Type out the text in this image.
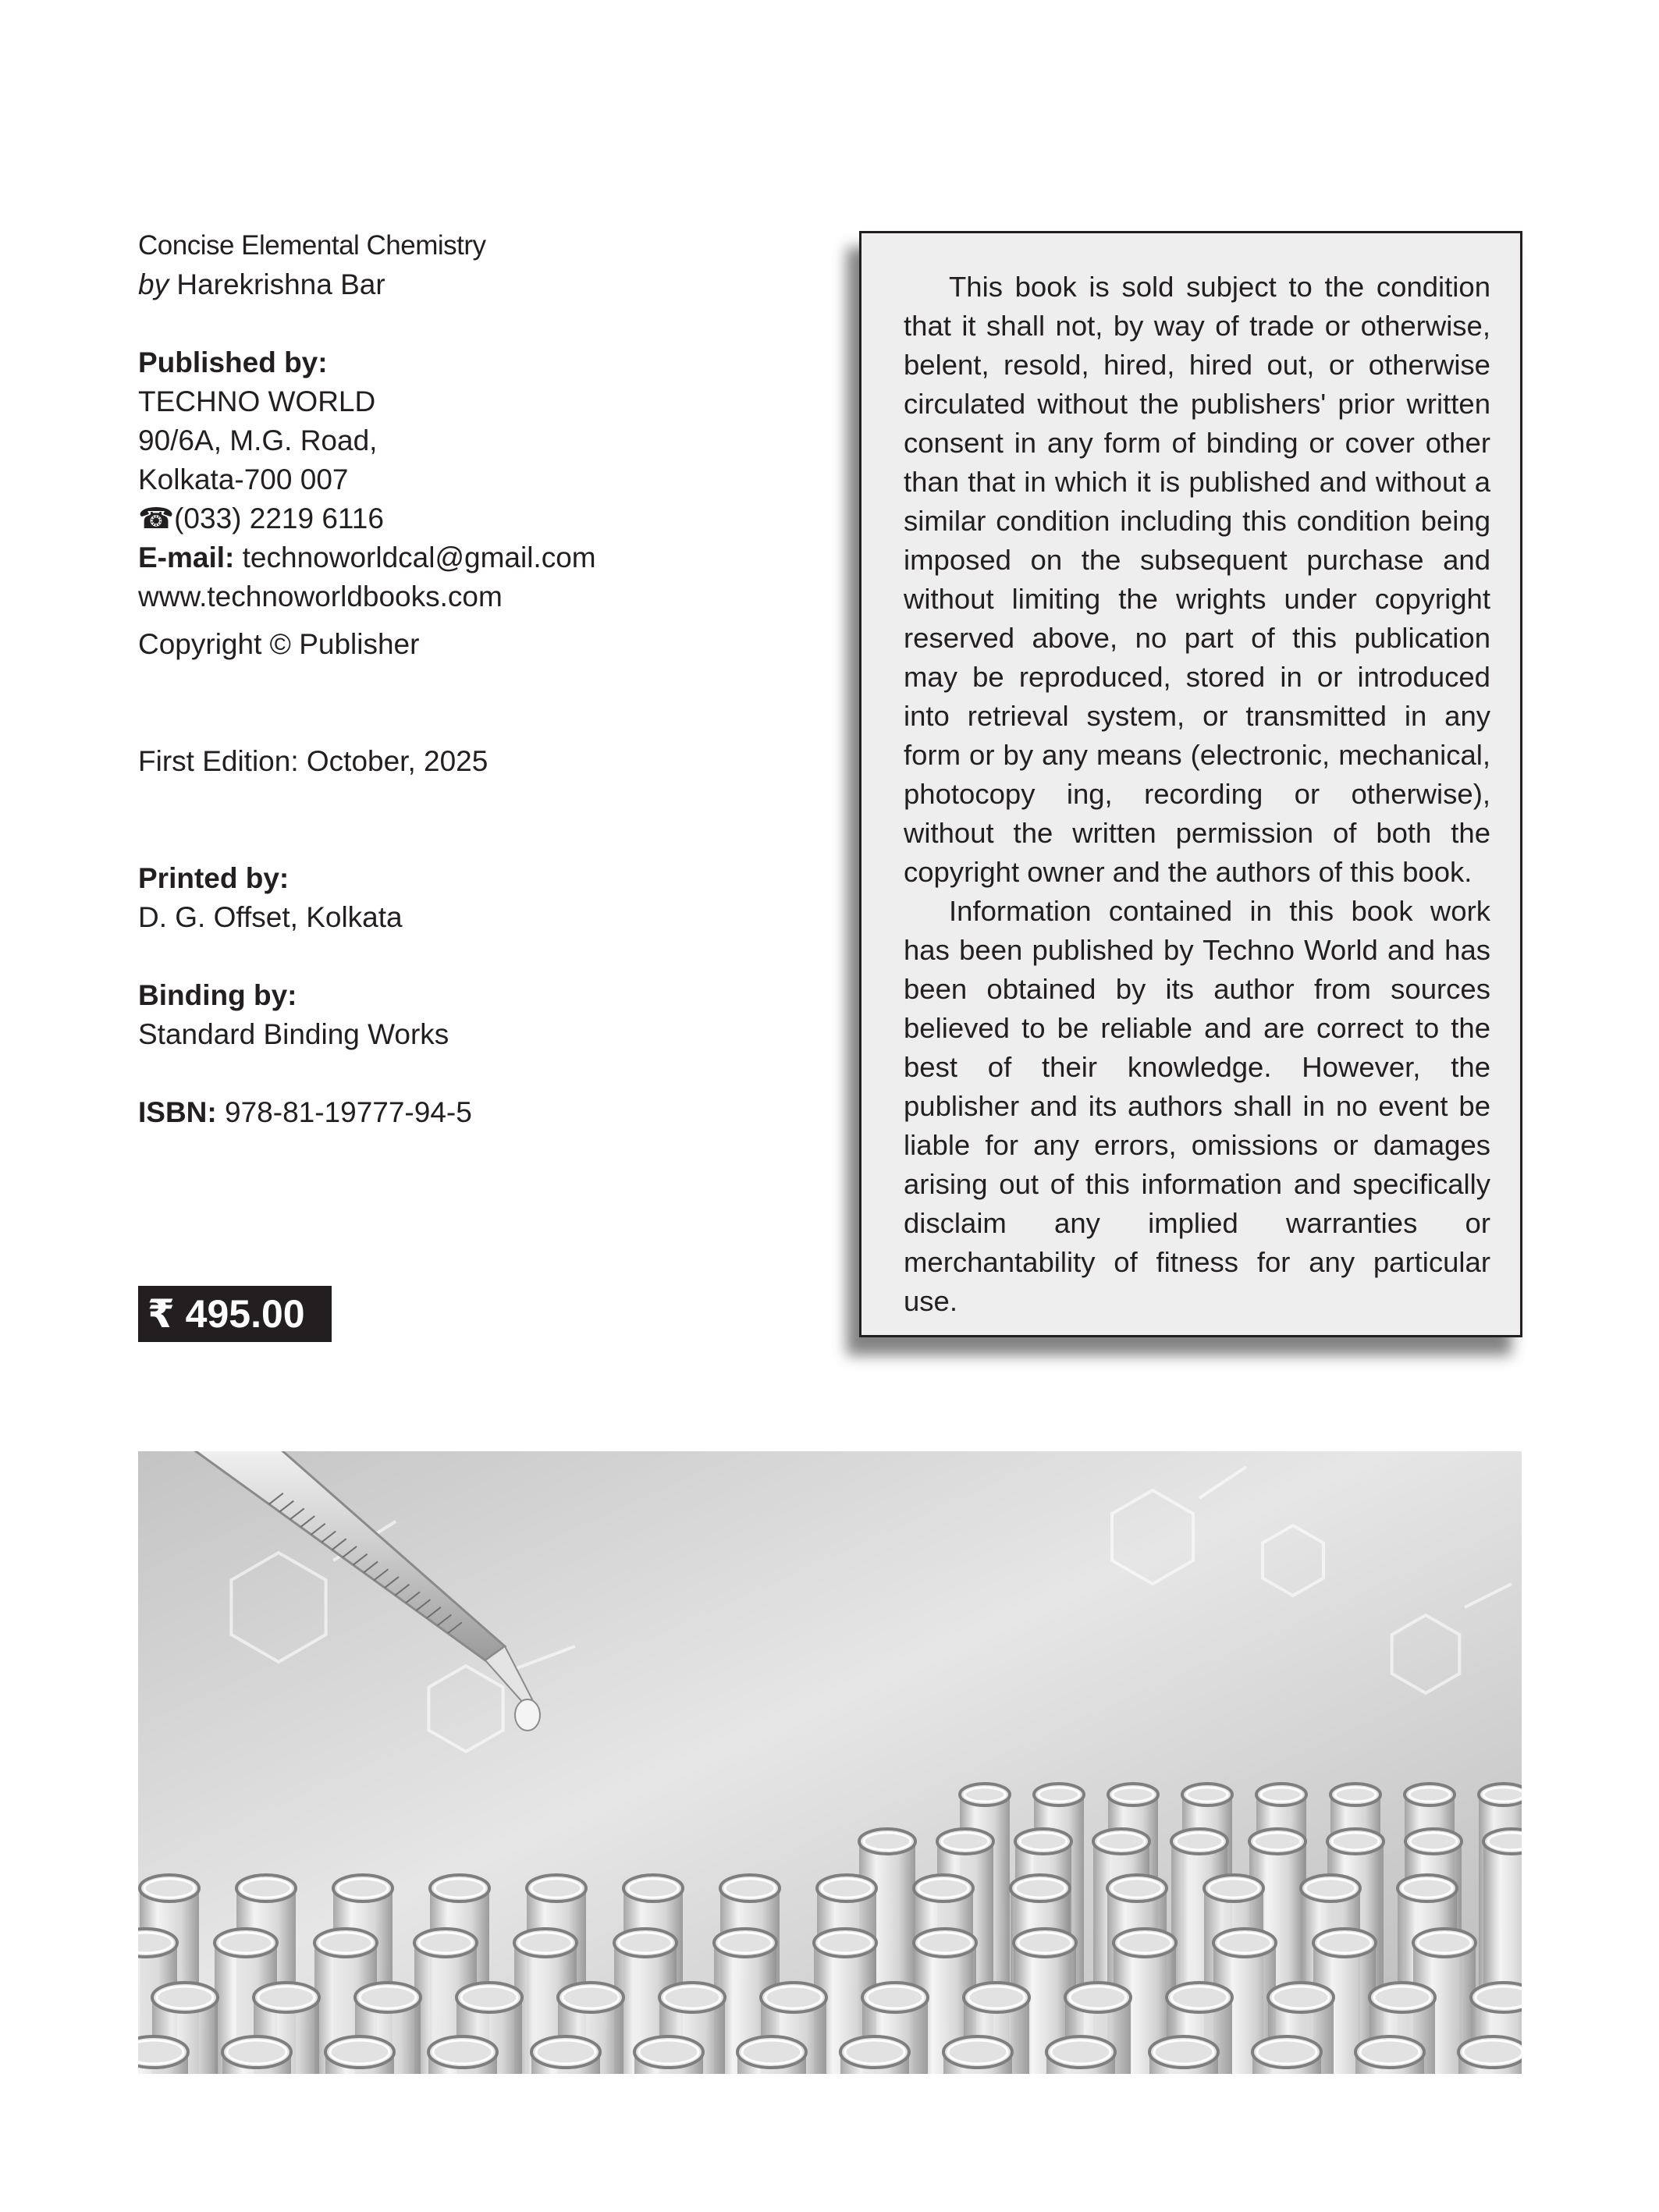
Concise Elemental Chemistry
by Harekrishna Bar
Published by:
TECHNO WORLD
90/6A, M.G. Road,
Kolkata-700 007
☎(033) 2219 6116
E-mail: technoworldcal@gmail.com
www.technoworldbooks.com
Copyright © Publisher
First Edition: October, 2025
Printed by:
D. G. Offset, Kolkata
Binding by:
Standard Binding Works
ISBN: 978-81-19777-94-5
₹ 495.00

This book is sold subject to the condition that it shall not, by way of trade or otherwise, belent, resold, hired, hired out, or otherwise circulated without the publishers' prior written consent in any form of binding or cover other than that in which it is published and without a similar condition including this condition being imposed on the subsequent purchase and without limiting the wrights under copyright reserved above, no part of this publication may be reproduced, stored in or introduced into retrieval system, or transmitted in any form or by any means (electronic, mechanical, photocopy ing, recording or otherwise), without the written permission of both the copyright owner and the authors of this book.

Information contained in this book work has been published by Techno World and has been obtained by its author from sources believed to be reliable and are correct to the best of their knowledge. However, the publisher and its authors shall in no event be liable for any errors, omissions or damages arising out of this information and specifically disclaim any implied warranties or merchantability of fitness for any particular use.
